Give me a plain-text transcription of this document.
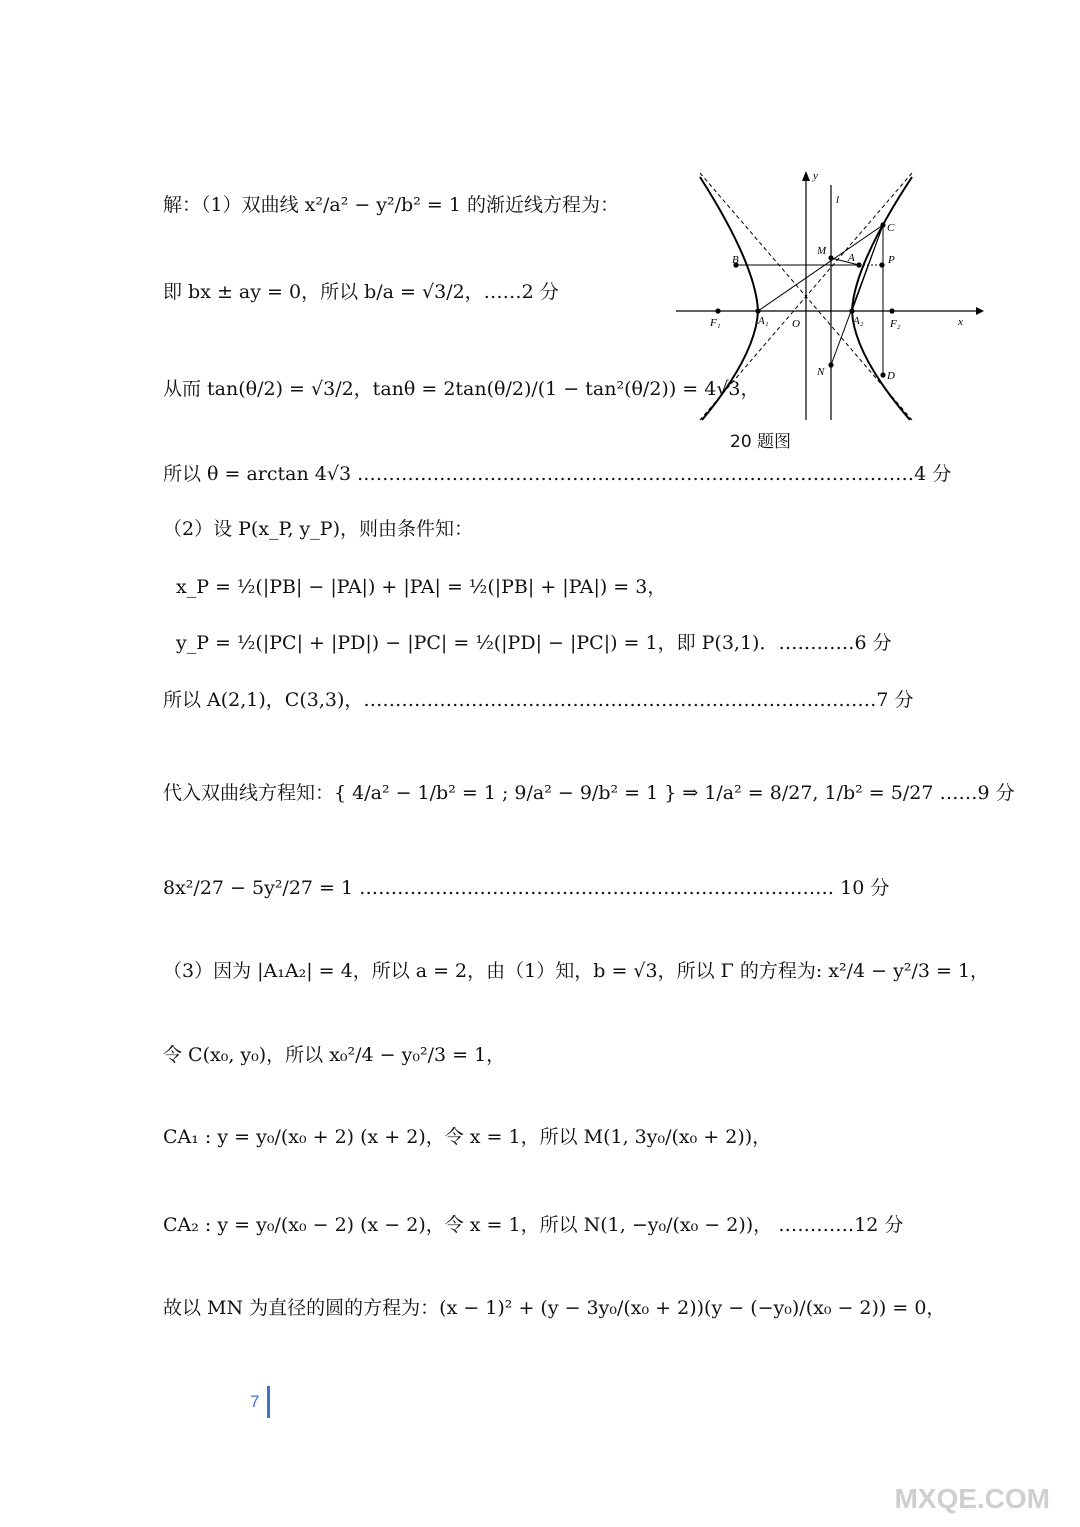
解：（1）双曲线 x²/a² − y²/b² = 1 的渐近线方程为：
即 bx ± ay = 0，所以 b/a = √3/2，……2 分
从而 tan(θ/2) = √3/2，tanθ = 2tan(θ/2)/(1 − tan²(θ/2)) = 4√3，
所以 θ = arctan 4√3 .……………………………………………………………………………4 分
（2）设 P(x_P, y_P)，则由条件知：
x_P = ½(|PB| − |PA|) + |PA| = ½(|PB| + |PA|) = 3，
y_P = ½(|PC| + |PD|) − |PC| = ½(|PD| − |PC|) = 1，即 P(3,1)．…………6 分
所以 A(2,1)，C(3,3)，………………………………………………………………………7 分
代入双曲线方程知：{ 4/a² − 1/b² = 1 ; 9/a² − 9/b² = 1 } ⇒ 1/a² = 8/27, 1/b² = 5/27 ……9 分
8x²/27 − 5y²/27 = 1 ………………………………………………………………… 10 分
（3）因为 |A₁A₂| = 4，所以 a = 2，由（1）知，b = √3，所以 Γ 的方程为: x²/4 − y²/3 = 1，
令 C(x₀, y₀)，所以 x₀²/4 − y₀²/3 = 1，
CA₁ : y = y₀/(x₀ + 2) (x + 2)，令 x = 1，所以 M(1, 3y₀/(x₀ + 2))，
CA₂ : y = y₀/(x₀ − 2) (x − 2)，令 x = 1，所以 N(1, −y₀/(x₀ − 2))， …………12 分
故以 MN 为直径的圆的方程为：(x − 1)² + (y − 3y₀/(x₀ + 2))(y − (−y₀)/(x₀ − 2)) = 0，
y
l
x
O
B
M
A
C
P
F₁	A₁	A₂ F₂
N	D
20 题图
7
MXQE.COM
